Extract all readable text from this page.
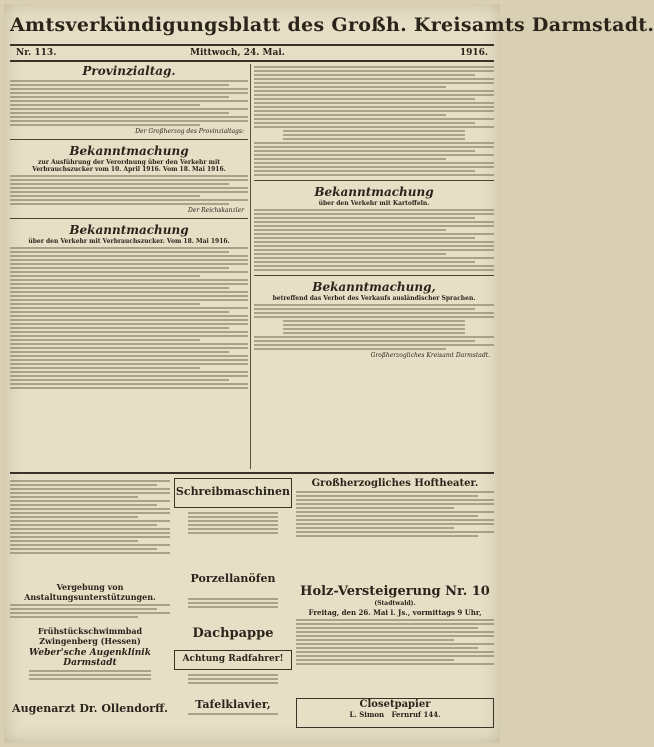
Amtsverkündigungsblatt des Großh. Kreisamts Darmstadt.
Nr. 113.	Mittwoch, 24. Mai.	1916.
Provinzialtag.
Der Großherzog des Provinzialtags:
Bekanntmachung
zur Ausführung der Verordnung über den Verkehr mit Verbrauchszucker vom 10. April 1916. Vom 18. Mai 1916.
Der Reichskanzler
Bekanntmachung
über den Verkehr mit Verbrauchszucker. Vom 18. Mai 1916.
Bekanntmachung
über den Verkehr mit Kartoffeln.
Bekanntmachung,
betreffend das Verbot des Verkaufs ausländischer Sprachen.
Großherzogliches Kreisamt Darmstadt.
Vergebung von Anstaltungsunterstützungen.
Frühstückschwimmbad Zwingenberg (Hessen)
Weber'sche Augenklinik Darmstadt
Augenarzt Dr. Ollendorff.
Schreibmaschinen
Porzellanöfen
Dachpappe
Achtung Radfahrer!
Tafelklavier,
Großherzogliches Hoftheater.
Holz-Versteigerung Nr. 10
(Stadtwald).
Freitag, den 26. Mai l. Js., vormittags 9 Uhr,
Closetpapier
L. Simon Fernruf 144.
